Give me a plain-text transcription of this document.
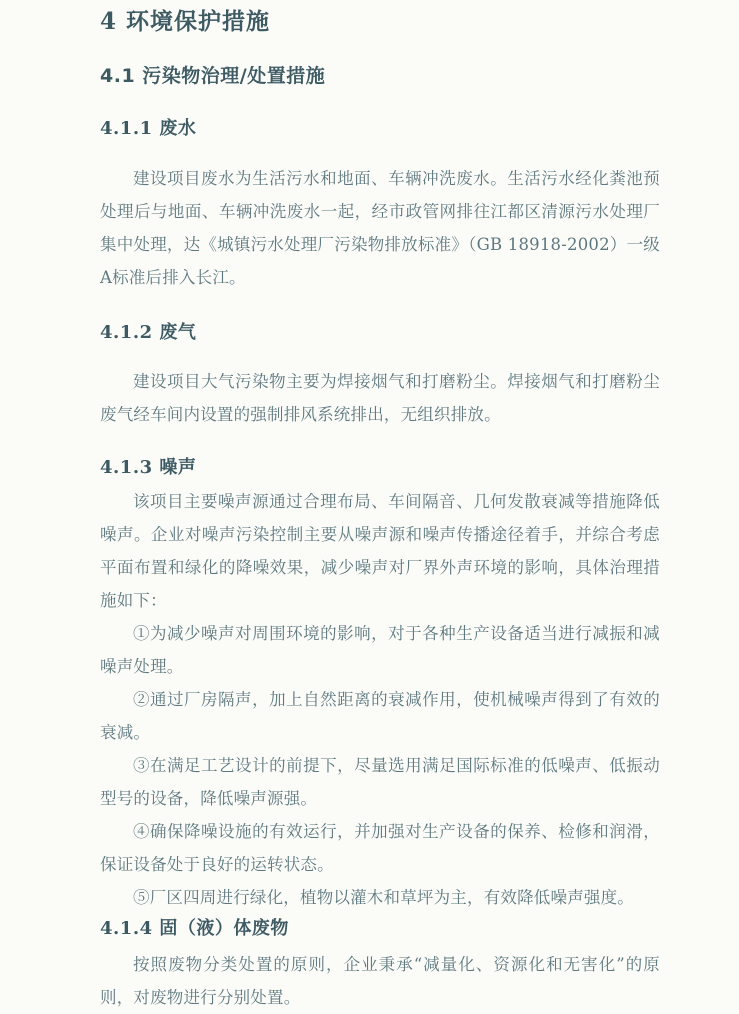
4 环境保护措施
4.1 污染物治理/处置措施
4.1.1 废水

建设项目废水为生活污水和地面、车辆冲洗废水。生活污水经化粪池预处理后与地面、车辆冲洗废水一起，经市政管网排往江都区清源污水处理厂集中处理，达《城镇污水处理厂污染物排放标准》（GB 18918-2002）一级A标准后排入长江。

4.1.2 废气

建设项目大气污染物主要为焊接烟气和打磨粉尘。焊接烟气和打磨粉尘废气经车间内设置的强制排风系统排出，无组织排放。

4.1.3 噪声

该项目主要噪声源通过合理布局、车间隔音、几何发散衰减等措施降低噪声。企业对噪声污染控制主要从噪声源和噪声传播途径着手，并综合考虑平面布置和绿化的降噪效果，减少噪声对厂界外声环境的影响，具体治理措施如下：

①为减少噪声对周围环境的影响，对于各种生产设备适当进行减振和减噪声处理。

②通过厂房隔声，加上自然距离的衰减作用，使机械噪声得到了有效的衰减。

③在满足工艺设计的前提下，尽量选用满足国际标准的低噪声、低振动型号的设备，降低噪声源强。

④确保降噪设施的有效运行，并加强对生产设备的保养、检修和润滑，保证设备处于良好的运转状态。

⑤厂区四周进行绿化，植物以灌木和草坪为主，有效降低噪声强度。

4.1.4 固（液）体废物

按照废物分类处置的原则，企业秉承“减量化、资源化和无害化”的原则，对废物进行分别处置。
